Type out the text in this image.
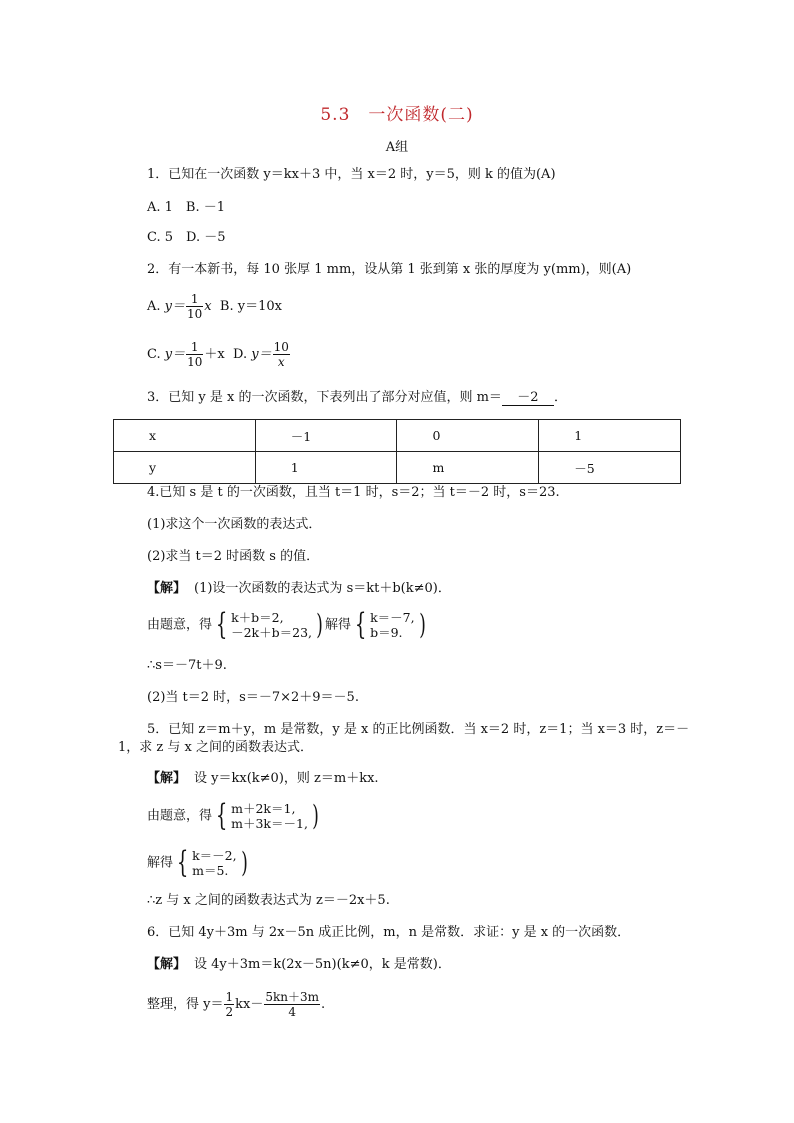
5.3　一次函数(二)
A组
1．已知在一次函数 y＝kx＋3 中，当 x＝2 时，y＝5，则 k 的值为(A)
A. 1　B. －1
C. 5　D. －5
2．有一本新书，每 10 张厚 1 mm，设从第 1 张到第 x 张的厚度为 y(mm)，则(A)
A. $y= \frac{1}{10}$ x B. y＝10x
C. $y= \frac{1}{10} +x$ D. $y= \frac{10}{x}$
3．已知 y 是 x 的一次函数，下表列出了部分对应值，则 m＝ －2 ．
x	－1	0	1
y	1	m	－5
4.已知 s 是 t 的一次函数，且当 t＝1 时，s＝2；当 t＝－2 时，s＝23.
(1)求这个一次函数的表达式．
(2)求当 t＝2 时函数 s 的值．
【解】 (1)设一次函数的表达式为 s＝kt＋b(k≠0)．
由题意，得 { k＋b＝2,
－2k＋b＝23, ) 解得 { k＝－7,
b＝9. )
∴s＝－7t＋9.
(2)当 t＝2 时，s＝－7×2＋9＝－5.
5．已知 z＝m＋y，m 是常数，y 是 x 的正比例函数．当 x＝2 时，z＝1；当 x＝3 时，z＝－
1，求 z 与 x 之间的函数表达式．
【解】 设 y＝kx(k≠0)，则 z＝m＋kx.
由题意，得 { m＋2k＝1,
m＋3k＝－1, )
解得 { k＝－2,
m＝5. )
∴z 与 x 之间的函数表达式为 z＝－2x＋5.
6．已知 4y＋3m 与 2x－5n 成正比例，m，n 是常数．求证：y 是 x 的一次函数．
【解】 设 4y＋3m＝k(2x－5n)(k≠0，k 是常数)．
整理，得 $y= \frac{1}{2} kx- \frac{5kn+3m}{4}$ .
